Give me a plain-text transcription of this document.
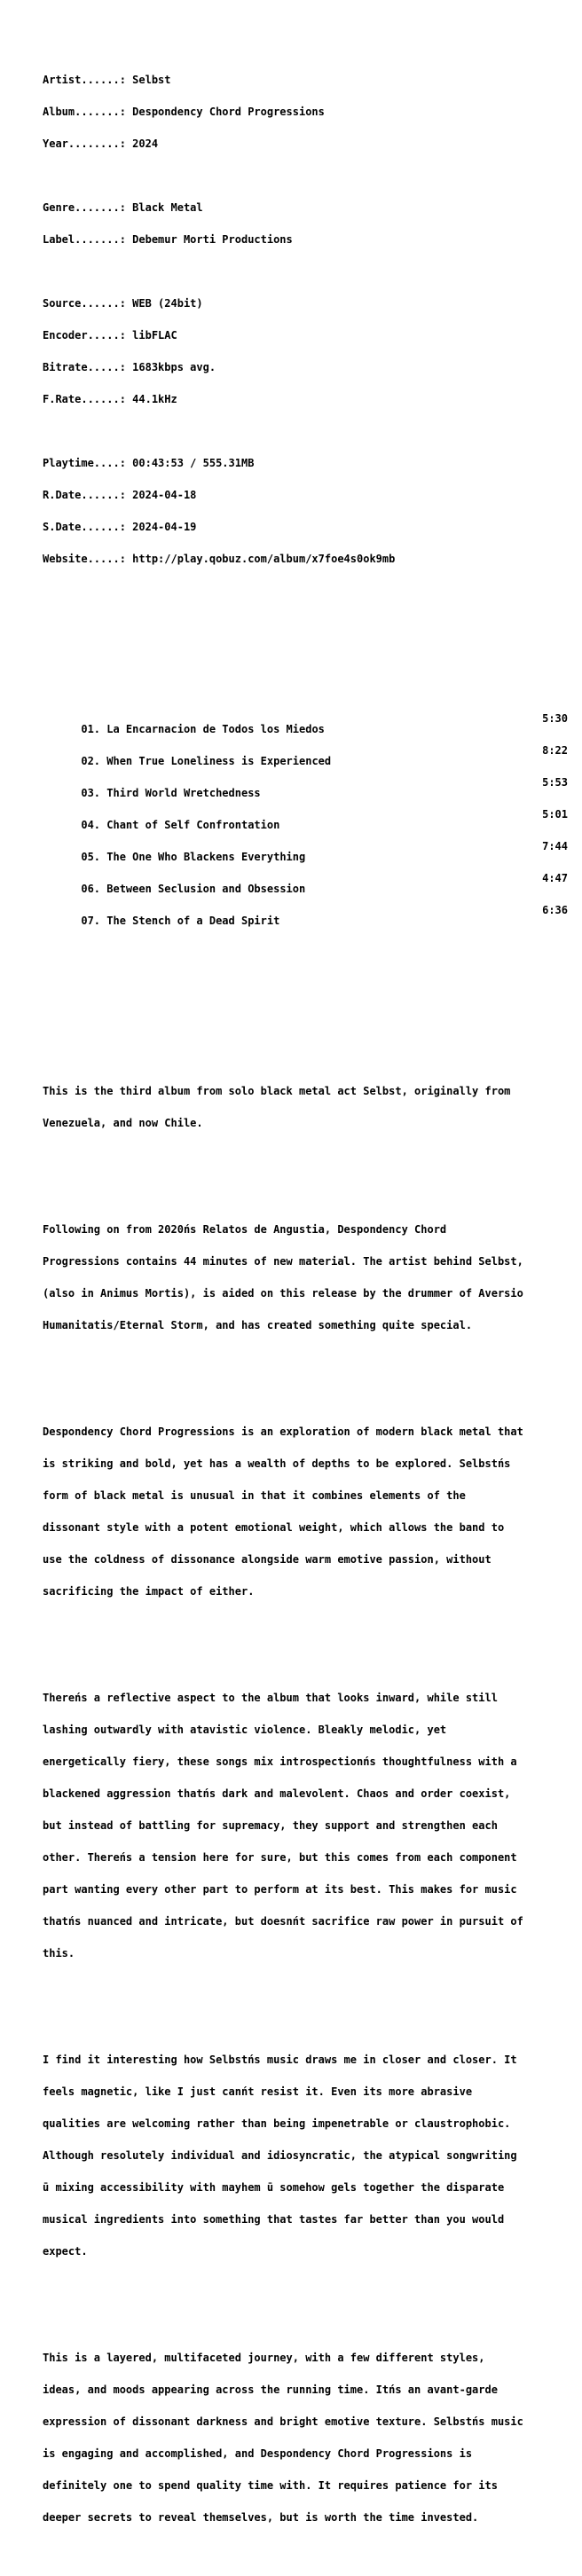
Artist......: Selbst

Album.......: Despondency Chord Progressions

Year........: 2024

Genre.......: Black Metal

Label.......: Debemur Morti Productions

Source......: WEB (24bit)

Encoder.....: libFLAC

Bitrate.....: 1683kbps avg.

F.Rate......: 44.1kHz

Playtime....: 00:43:53 / 555.31MB

R.Date......: 2024-04-18

S.Date......: 2024-04-19

Website.....: http://play.qobuz.com/album/x7foe4s0ok9mb

01. La Encarnacion de Todos los Miedos

5:30

02. When True Loneliness is Experienced

8:22

03. Third World Wretchedness

5:53

04. Chant of Self Confrontation

5:01

05. The One Who Blackens Everything

7:44

06. Between Seclusion and Obsession

4:47

07. The Stench of a Dead Spirit

6:36

This is the third album from solo black metal act Selbst, originally from

Venezuela, and now Chile.

Following on from 2020ńs Relatos de Angustia, Despondency Chord

Progressions contains 44 minutes of new material. The artist behind Selbst,

(also in Animus Mortis), is aided on this release by the drummer of Aversio

Humanitatis/Eternal Storm, and has created something quite special.

Despondency Chord Progressions is an exploration of modern black metal that

is striking and bold, yet has a wealth of depths to be explored. Selbstńs

form of black metal is unusual in that it combines elements of the

dissonant style with a potent emotional weight, which allows the band to

use the coldness of dissonance alongside warm emotive passion, without

sacrificing the impact of either.

Thereńs a reflective aspect to the album that looks inward, while still

lashing outwardly with atavistic violence. Bleakly melodic, yet

energetically fiery, these songs mix introspectionńs thoughtfulness with a

blackened aggression thatńs dark and malevolent. Chaos and order coexist,

but instead of battling for supremacy, they support and strengthen each

other. Thereńs a tension here for sure, but this comes from each component

part wanting every other part to perform at its best. This makes for music

thatńs nuanced and intricate, but doesnńt sacrifice raw power in pursuit of

this.

I find it interesting how Selbstńs music draws me in closer and closer. It

feels magnetic, like I just canńt resist it. Even its more abrasive

qualities are welcoming rather than being impenetrable or claustrophobic.

Although resolutely individual and idiosyncratic, the atypical songwriting

ū mixing accessibility with mayhem ū somehow gels together the disparate

musical ingredients into something that tastes far better than you would

expect.

This is a layered, multifaceted journey, with a few different styles,

ideas, and moods appearing across the running time. Itńs an avant-garde

expression of dissonant darkness and bright emotive texture. Selbstńs music

is engaging and accomplished, and Despondency Chord Progressions is

definitely one to spend quality time with. It requires patience for its

deeper secrets to reveal themselves, but is worth the time invested.
